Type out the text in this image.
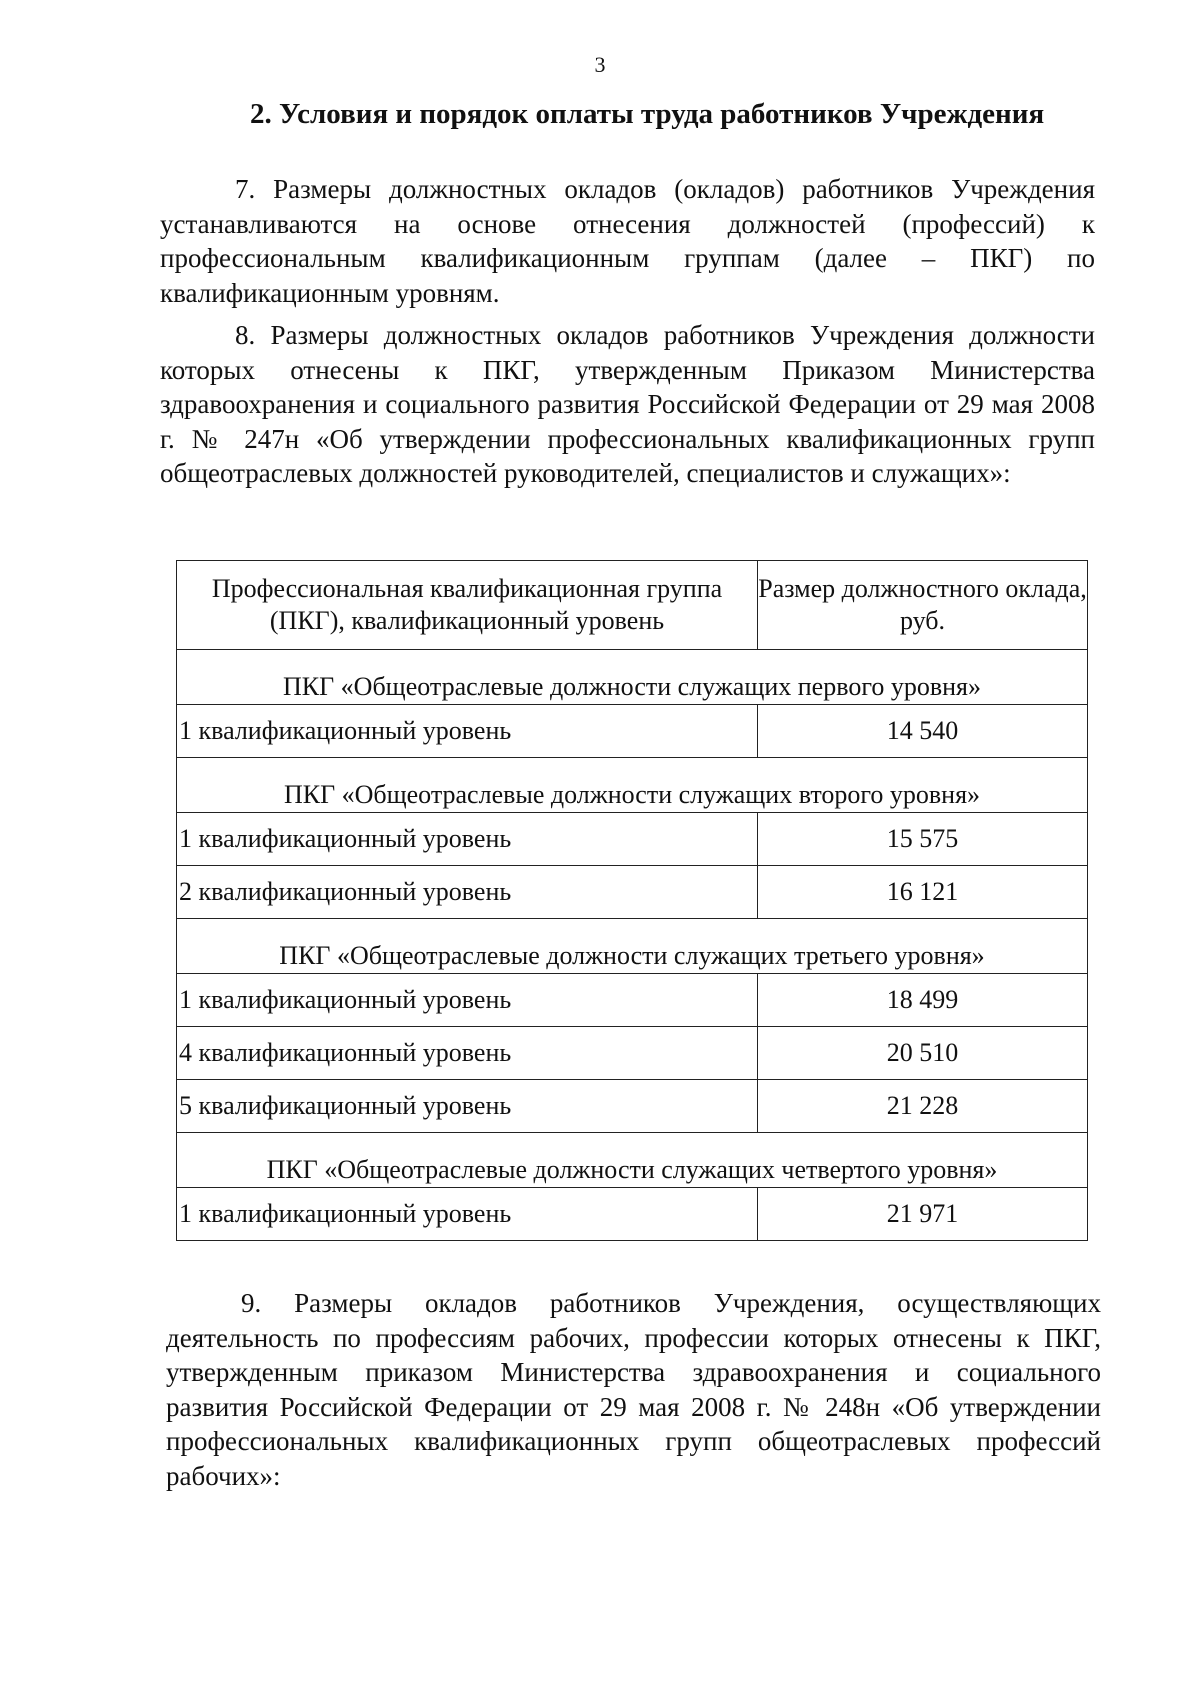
3
2. Условия и порядок оплаты труда работников Учреждения

7. Размеры должностных окладов (окладов) работников Учреждения устанавливаются на основе отнесения должностей (профессий) к профессиональным квалификационным группам (далее – ПКГ) по квалификационным уровням.

8. Размеры должностных окладов работников Учреждения должности которых отнесены к ПКГ, утвержденным Приказом Министерства здравоохранения и социального развития Российской Федерации от 29 мая 2008 г. № 247н «Об утверждении профессиональных квалификационных групп общеотраслевых должностей руководителей, специалистов и служащих»:

Профессиональная квалификационная группа (ПКГ), квалификационный уровень	Размер должностного оклада, руб.
ПКГ «Общеотраслевые должности служащих первого уровня»	
1 квалификационный уровень	14 540
ПКГ «Общеотраслевые должности служащих второго уровня»	
1 квалификационный уровень	15 575
2 квалификационный уровень	16 121
ПКГ «Общеотраслевые должности служащих третьего уровня»	
1 квалификационный уровень	18 499
4 квалификационный уровень	20 510
5 квалификационный уровень	21 228
ПКГ «Общеотраслевые должности служащих четвертого уровня»	
1 квалификационный уровень	21 971

9. Размеры окладов работников Учреждения, осуществляющих деятельность по профессиям рабочих, профессии которых отнесены к ПКГ, утвержденным приказом Министерства здравоохранения и социального развития Российской Федерации от 29 мая 2008 г. № 248н «Об утверждении профессиональных квалификационных групп общеотраслевых профессий рабочих»:
